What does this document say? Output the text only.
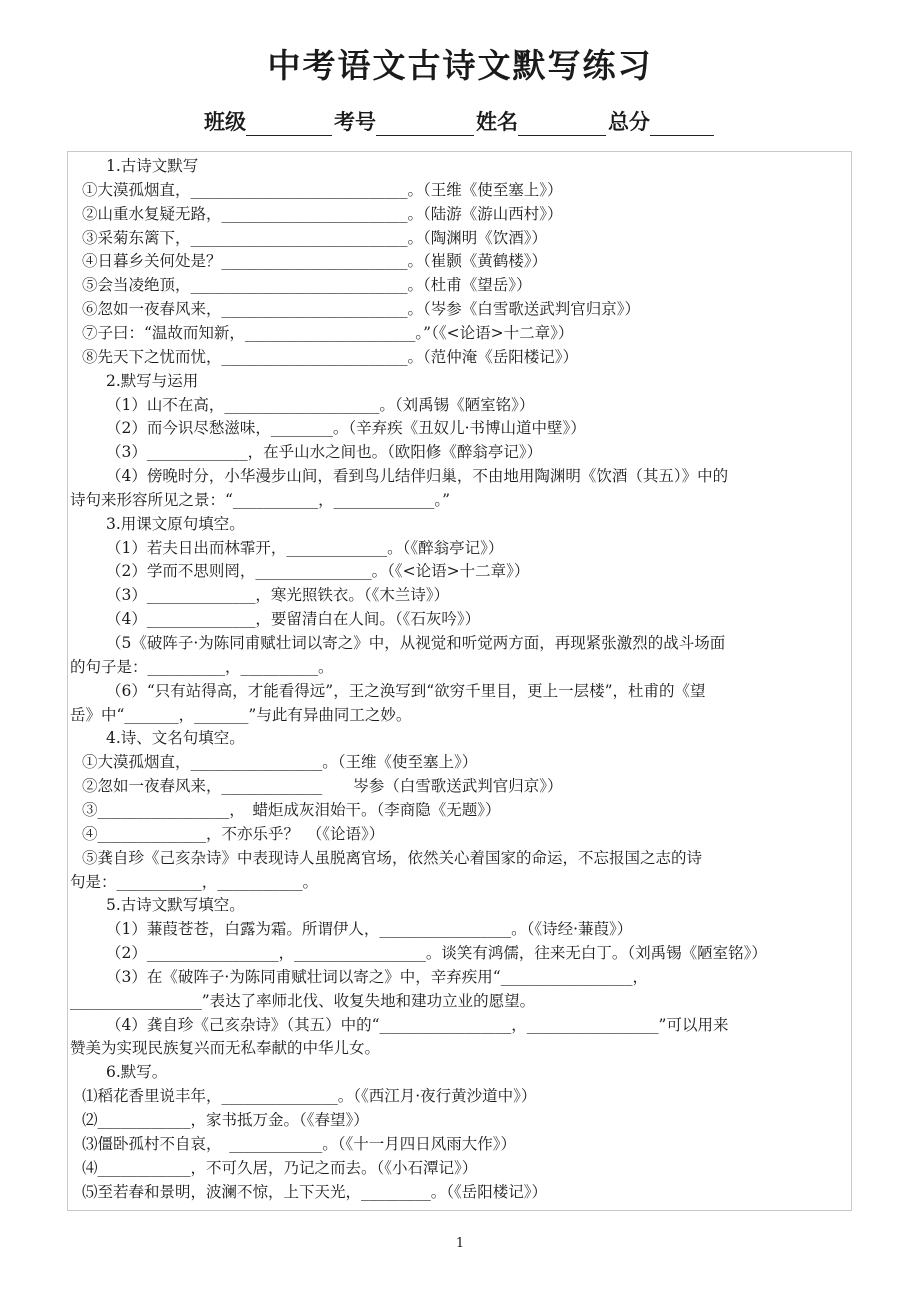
中考语文古诗文默写练习
班级	考号	姓名	总分
1.古诗文默写
①大漠孤烟直，____________________________。（王维《使至塞上》）
②山重水复疑无路，________________________。（陆游《游山西村》）
③采菊东篱下，____________________________。（陶渊明《饮酒》）
④日暮乡关何处是？________________________。（崔颢《黄鹤楼》）
⑤会当凌绝顶，____________________________。（杜甫《望岳》）
⑥忽如一夜春风来，________________________。（岑参《白雪歌送武判官归京》）
⑦子曰：“温故而知新，______________________。”（《<论语>十二章》）
⑧先天下之忧而忧，________________________。（范仲淹《岳阳楼记》）
2.默写与运用
（1）山不在高，____________________。（刘禹锡《陋室铭》）
（2）而今识尽愁滋味，________。（辛弃疾《丑奴儿·书博山道中壁》）
（3）_____________，在乎山水之间也。（欧阳修《醉翁亭记》）
（4）傍晚时分，小华漫步山间，看到鸟儿结伴归巢，不由地用陶渊明《饮酒（其五）》中的
诗句来形容所见之景：“___________，_____________。”
3.用课文原句填空。
（1）若夫日出而林霏开，_____________。（《醉翁亭记》）
（2）学而不思则罔，_______________。（《<论语>十二章》）
（3）______________，寒光照铁衣。（《木兰诗》）
（4）______________，要留清白在人间。（《石灰吟》）
（5《破阵子·为陈同甫赋壮词以寄之》中，从视觉和听觉两方面，再现紧张激烈的战斗场面
的句子是：__________，__________。
（6）“只有站得高，才能看得远”，王之涣写到“欲穷千里目，更上一层楼”，杜甫的《望
岳》中“_______，_______”与此有异曲同工之妙。
4.诗、文名句填空。
①大漠孤烟直，_________________。（王维《使至塞上》）
②忽如一夜春风来，_____________　　岑参（白雪歌送武判官归京》）
③_________________，　蜡炬成灰泪始干。（李商隐《无题》）
④______________，不亦乐乎？　（《论语》）
⑤龚自珍《己亥杂诗》中表现诗人虽脱离官场，依然关心着国家的命运，不忘报国之志的诗
句是：___________，___________。
5.古诗文默写填空。
（1）蒹葭苍苍，白露为霜。所谓伊人，_________________。（《诗经·蒹葭》）
（2）_________________，_________________。谈笑有鸿儒，往来无白丁。（刘禹锡《陋室铭》）
（3）在《破阵子·为陈同甫赋壮词以寄之》中，辛弃疾用“_________________，
_________________”表达了率师北伐、收复失地和建功立业的愿望。
（4）龚自珍《己亥杂诗》（其五）中的“_________________，_________________”可以用来
赞美为实现民族复兴而无私奉献的中华儿女。
6.默写。
⑴稻花香里说丰年，_______________。（《西江月·夜行黄沙道中》）
⑵____________，家书抵万金。（《春望》）
⑶僵卧孤村不自哀，　____________。（《十一月四日风雨大作》）
⑷____________，不可久居，乃记之而去。（《小石潭记》）
⑸至若春和景明，波澜不惊，上下天光，_________。（《岳阳楼记》）
1
